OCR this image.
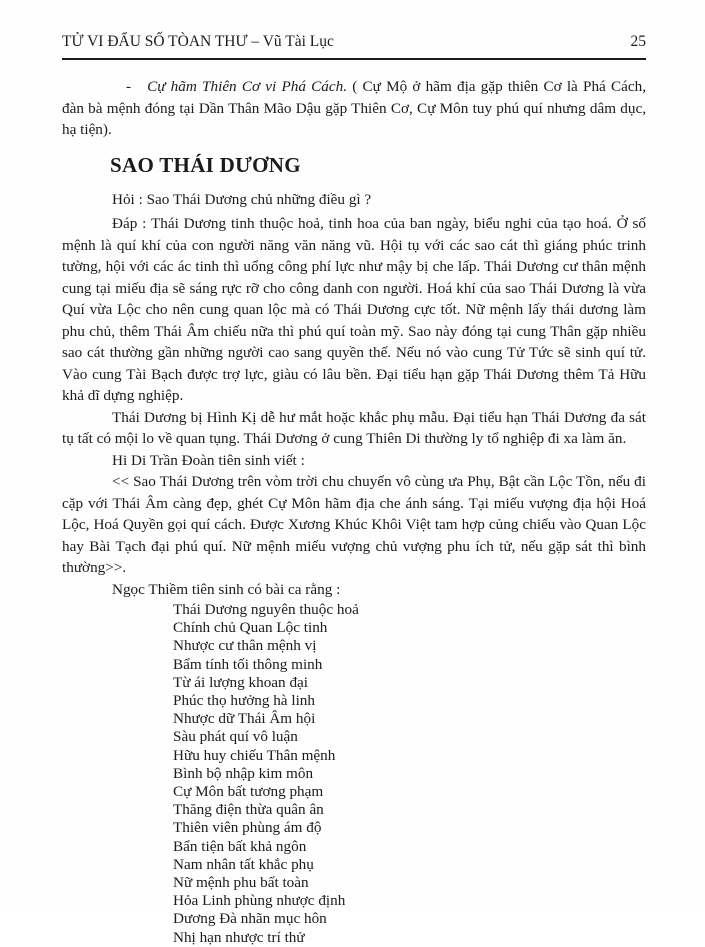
TỬ VI ĐẨU SỐ TÒAN THƯ – Vũ Tài Lục	25

- Cự hãm Thiên Cơ vi Phá Cách. ( Cự Mộ ở hãm địa gặp thiên Cơ là Phá Cách, đàn bà mệnh đóng tại Dần Thân Mão Dậu gặp Thiên Cơ, Cự Môn tuy phú quí nhưng dâm dục, hạ tiện).

SAO THÁI DƯƠNG

Hỏi : Sao Thái Dương chủ những điều gì ?

Đáp : Thái Dương tinh thuộc hoả, tinh hoa của ban ngày, biểu nghi của tạo hoá. Ở số mệnh là quí khí của con người năng văn năng vũ. Hội tụ với các sao cát thì giáng phúc trinh tường, hội với các ác tinh thì uổng công phí lực như mậy bị che lấp. Thái Dương cư thân mệnh cung tại miếu địa sẽ sáng rực rỡ cho công danh con người. Hoá khí của sao Thái Dương là vừa Quí vừa Lộc cho nên cung quan lộc mà có Thái Dương cực tốt. Nữ mệnh lấy thái dương làm phu chủ, thêm Thái Âm chiếu nữa thì phú quí toàn mỹ. Sao này đóng tại cung Thân gặp nhiều sao cát thường gần những người cao sang quyền thế. Nếu nó vào cung Tử Tức sẽ sinh quí tử. Vào cung Tài Bạch được trợ lực, giàu có lâu bền. Đại tiểu hạn gặp Thái Dương thêm Tả Hữu khả dĩ dựng nghiệp.

Thái Dương bị Hình Kị dễ hư mắt hoặc khắc phụ mẫu. Đại tiểu hạn Thái Dương đa sát tụ tất có mội lo về quan tụng. Thái Dương ở cung Thiên Di thường ly tổ nghiệp đi xa làm ăn.

Hi Di Trần Đoàn tiên sinh viết :

<< Sao Thái Dương trên vòm trời chu chuyển vô cùng ưa Phụ, Bật cần Lộc Tồn, nếu đi cặp với Thái Âm càng đẹp, ghét Cự Môn hãm địa che ánh sáng. Tại miếu vượng địa hội Hoá Lộc, Hoá Quyền gọi quí cách. Được Xương Khúc Khôi Việt tam hợp củng chiếu vào Quan Lộc hay Bài Tạch đại phú quí. Nữ mệnh miếu vượng chủ vượng phu ích tử, nếu gặp sát thì bình thường>>.

Ngọc Thiềm tiên sinh có bài ca rằng :

Thái Dương nguyên thuộc hoả
Chính chủ Quan Lộc tinh
Nhược cư thân mệnh vị
Bẩm tính tối thông minh
Từ ái lượng khoan đại
Phúc thọ hưởng hà linh
Nhược dữ Thái Âm hội
Sàu phát quí vô luận
Hữu huy chiếu Thân mệnh
Bình bộ nhập kim môn
Cự Môn bất tương phạm
Thăng điện thừa quân ân
Thiên viên phùng ám độ
Bẩn tiện bất khả ngôn
Nam nhân tất khắc phụ
Nữ mệnh phu bất toàn
Hỏa Linh phùng nhược định
Dương Đà nhãn mục hôn
Nhị hạn nhược trí thử
